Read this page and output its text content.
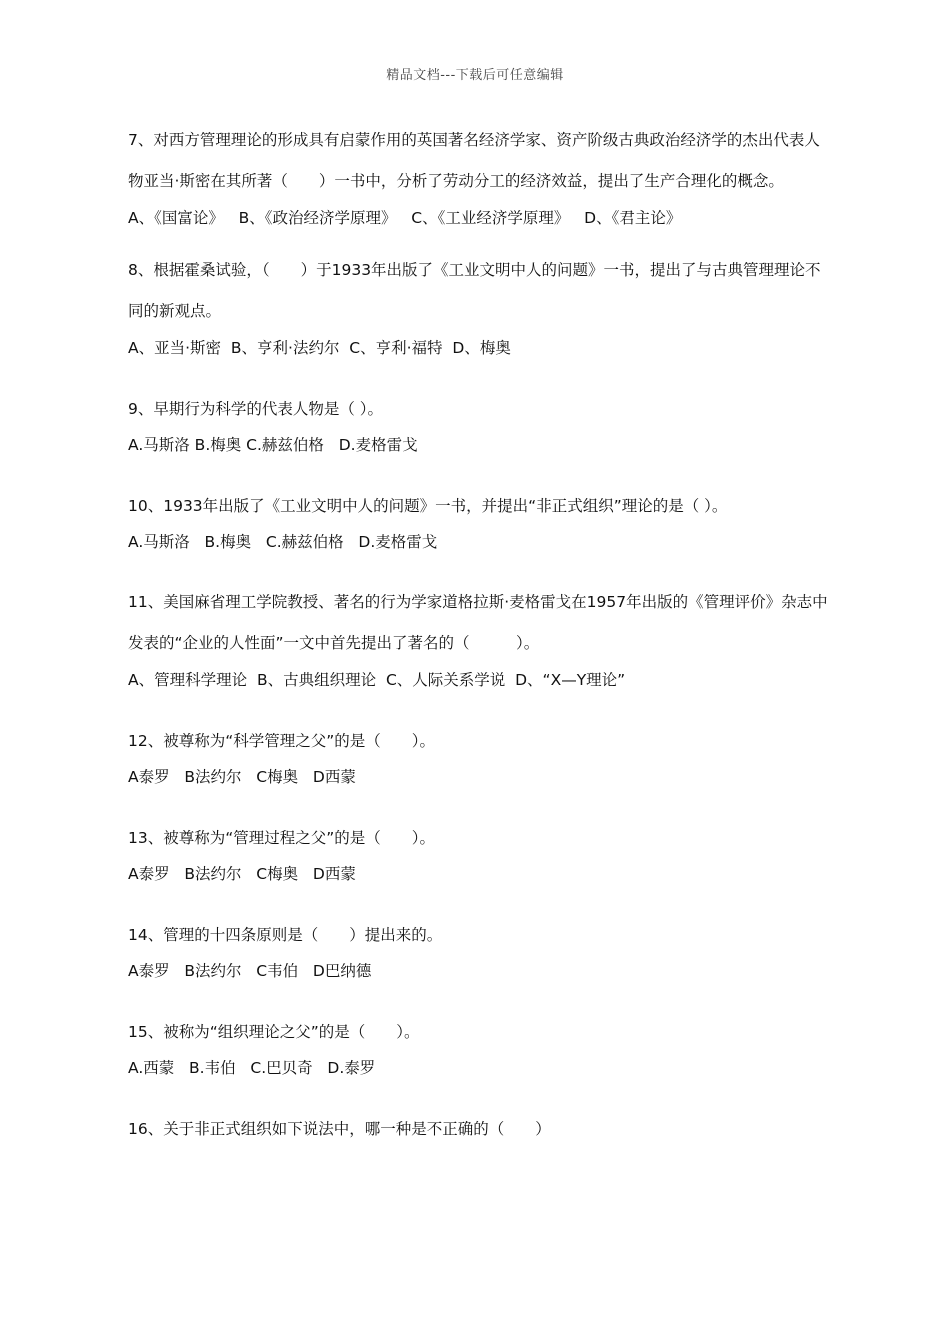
精品文档---下载后可任意编辑

7、对西方管理理论的形成具有启蒙作用的英国著名经济学家、资产阶级古典政治经济学的杰出代表人物亚当·斯密在其所著（　　）一书中，分析了劳动分工的经济效益，提出了生产合理化的概念。

A、《国富论》   B、《政治经济学原理》   C、《工业经济学原理》   D、《君主论》

8、根据霍桑试验，（　　）于1933年出版了《工业文明中人的问题》一书，提出了与古典管理理论不同的新观点。

A、亚当·斯密  B、亨利·法约尔  C、亨利·福特  D、梅奥

9、早期行为科学的代表人物是（ ）。

A.马斯洛 B.梅奥 C.赫兹伯格   D.麦格雷戈

10、1933年出版了《工业文明中人的问题》一书，并提出“非正式组织”理论的是（ ）。

A.马斯洛   B.梅奥   C.赫兹伯格   D.麦格雷戈

11、美国麻省理工学院教授、著名的行为学家道格拉斯·麦格雷戈在1957年出版的《管理评价》杂志中发表的“企业的人性面”一文中首先提出了著名的（　　　）。

A、管理科学理论  B、古典组织理论  C、人际关系学说  D、“X—Y理论”

12、被尊称为“科学管理之父”的是（　　）。

A泰罗   B法约尔   C梅奥   D西蒙

13、被尊称为“管理过程之父”的是（　　）。

A泰罗   B法约尔   C梅奥   D西蒙

14、管理的十四条原则是（　　）提出来的。

A泰罗   B法约尔   C韦伯   D巴纳德

15、被称为“组织理论之父”的是（　　）。

A.西蒙   B.韦伯   C.巴贝奇   D.泰罗

16、关于非正式组织如下说法中，哪一种是不正确的（　　）
